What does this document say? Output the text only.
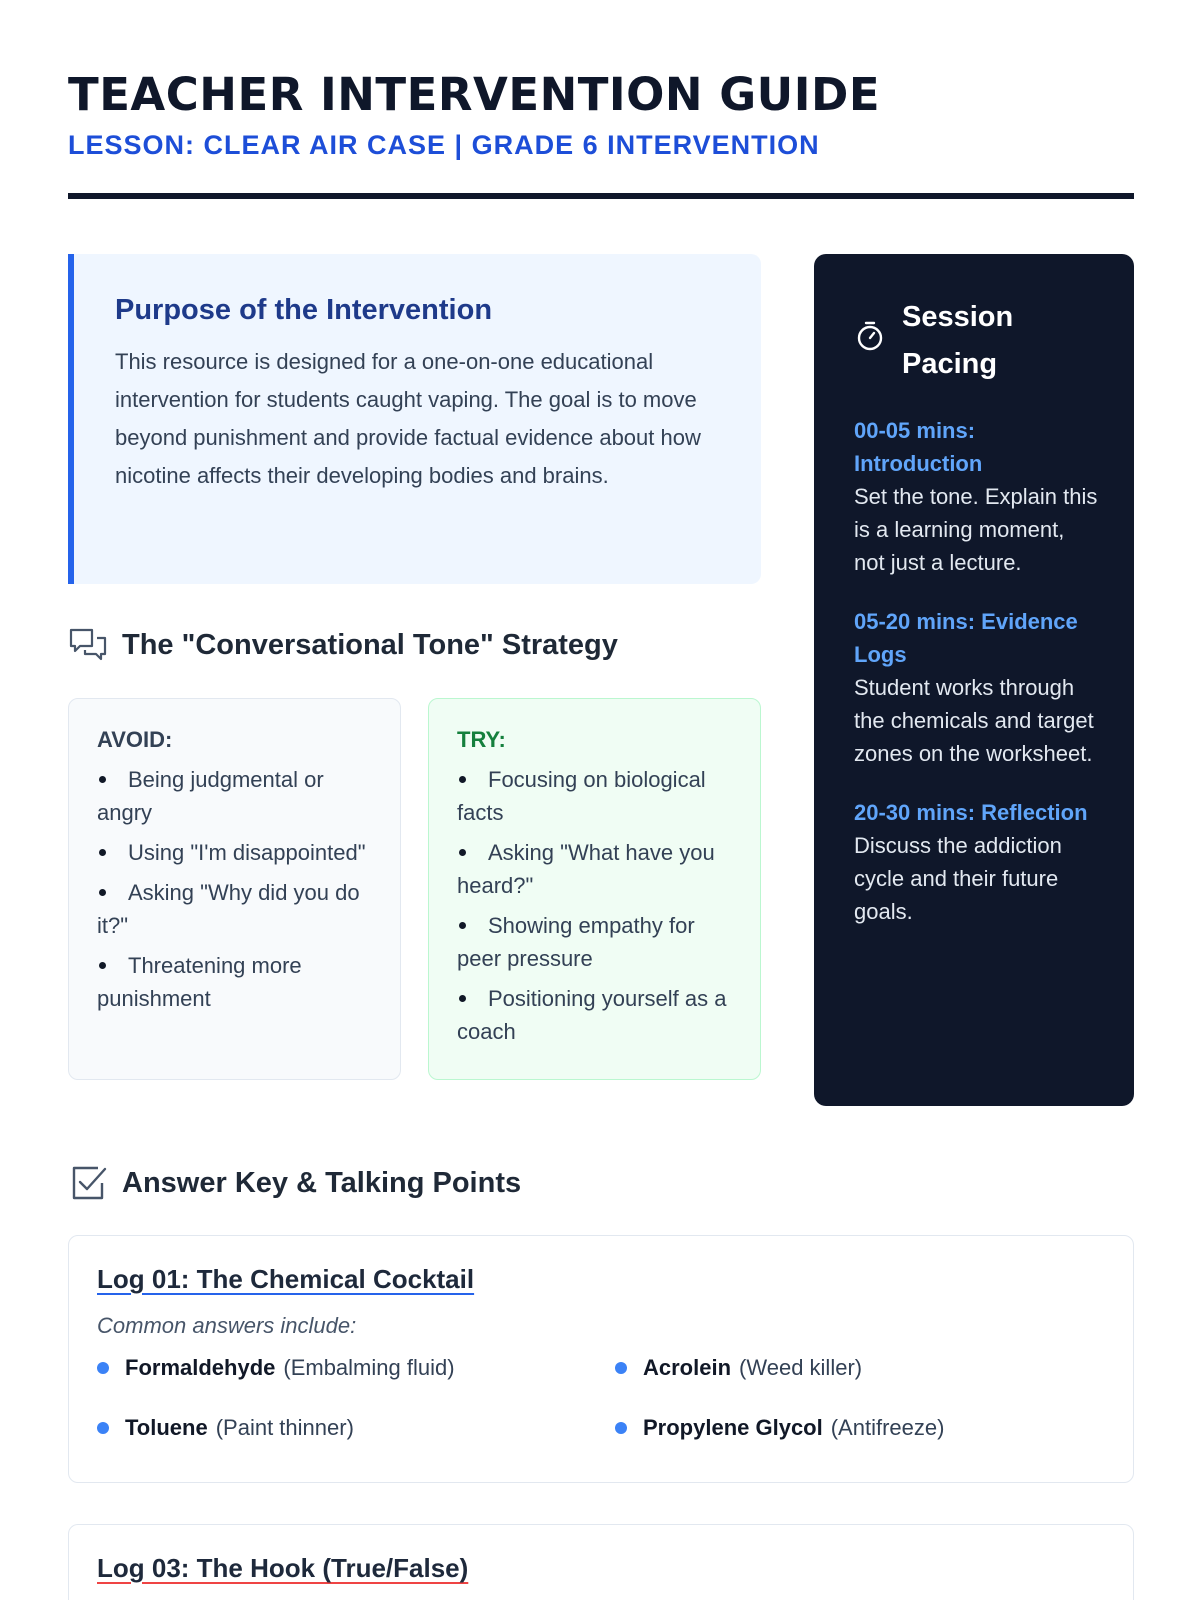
TEACHER INTERVENTION GUIDE
LESSON: CLEAR AIR CASE | GRADE 6 INTERVENTION
Purpose of the Intervention

This resource is designed for a one-on-one educational intervention for students caught vaping. The goal is to move beyond punishment and provide factual evidence about how nicotine affects their developing bodies and brains.

The "Conversational Tone" Strategy
AVOID:
Being judgmental or angry
Using "I'm disappointed"
Asking "Why did you do it?"
Threatening more punishment
TRY:
Focusing on biological facts
Asking "What have you heard?"
Showing empathy for peer pressure
Positioning yourself as a coach
Session Pacing
00-05 mins: Introduction
Set the tone. Explain this is a learning moment, not just a lecture.
05-20 mins: Evidence Logs
Student works through the chemicals and target zones on the worksheet.
20-30 mins: Reflection
Discuss the addiction cycle and their future goals.
Answer Key & Talking Points
Log 01: The Chemical Cocktail
Common answers include:
Formaldehyde (Embalming fluid)	Acrolein (Weed killer)
Toluene (Paint thinner)	Propylene Glycol (Antifreeze)
Log 03: The Hook (True/False)
